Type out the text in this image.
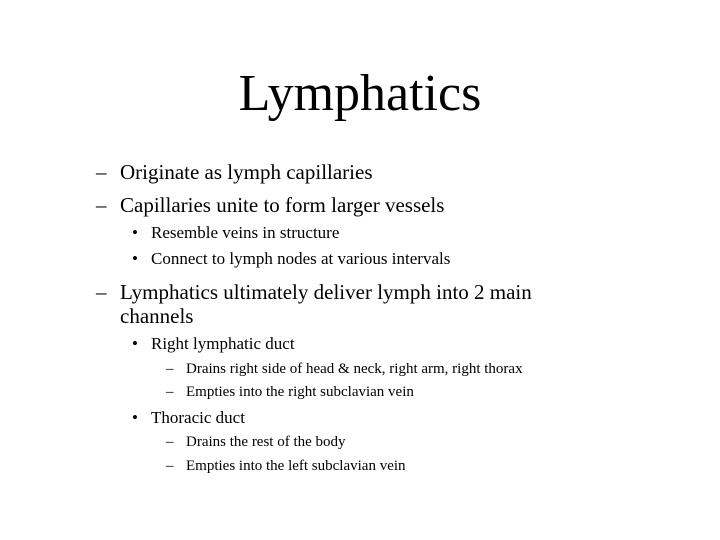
Lymphatics
– Originate as lymph capillaries
– Capillaries unite to form larger vessels
• Resemble veins in structure
• Connect to lymph nodes at various intervals
– Lymphatics ultimately deliver lymph into 2 main
channels
• Right lymphatic duct
– Drains right side of head & neck, right arm, right thorax
– Empties into the right subclavian vein
• Thoracic duct
– Drains the rest of the body
– Empties into the left subclavian vein
